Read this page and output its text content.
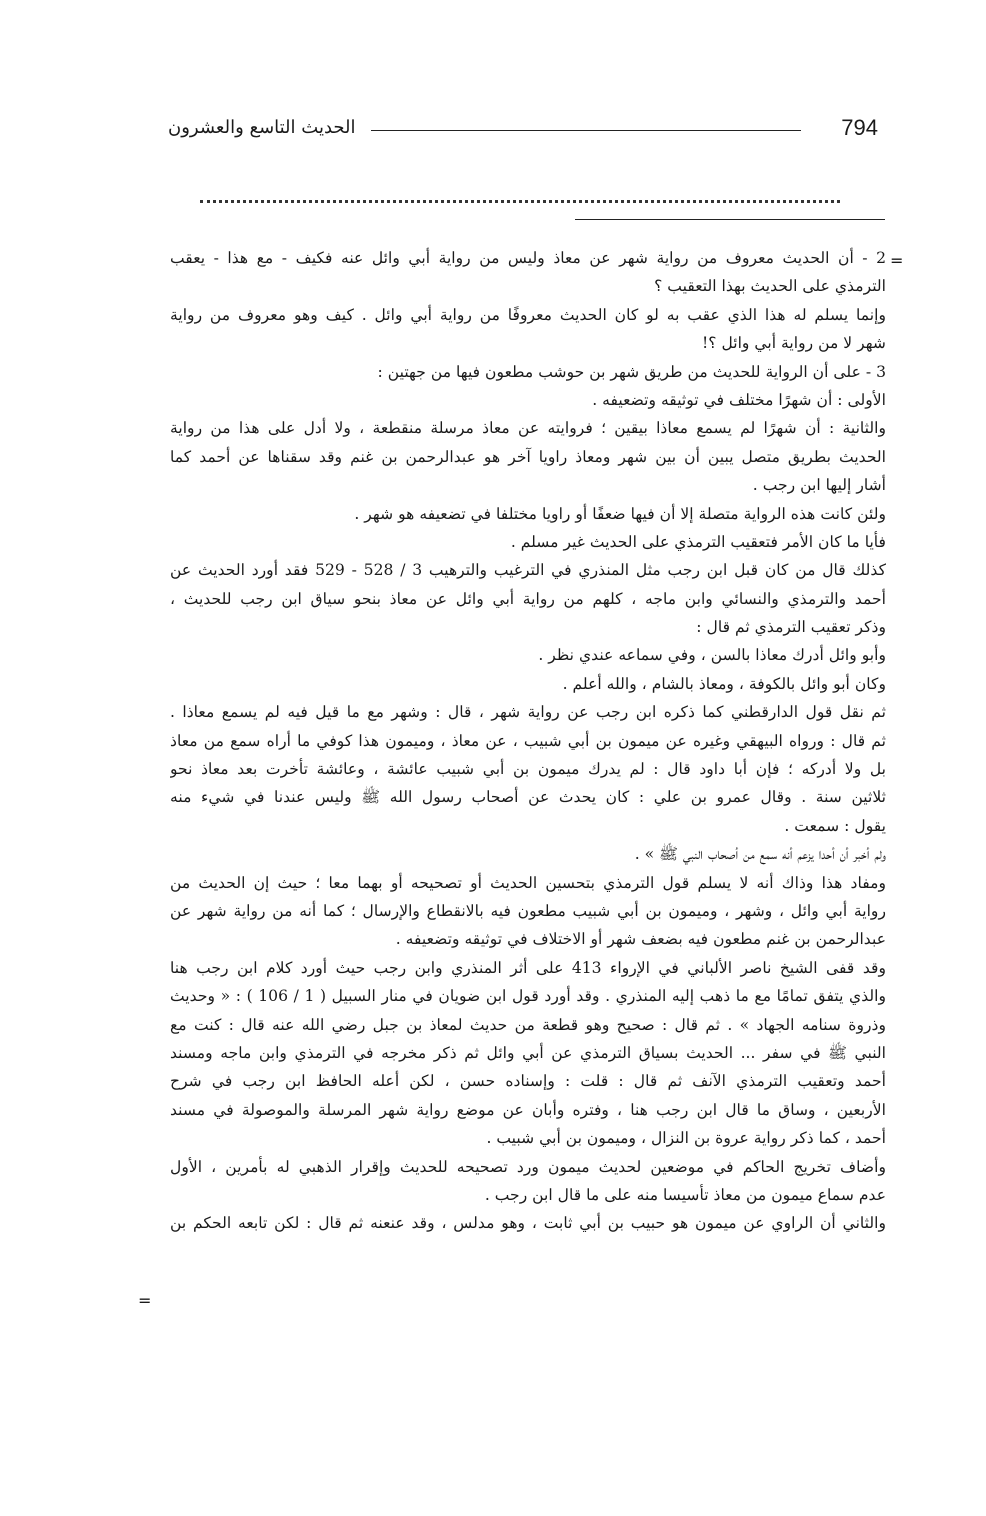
794
الحديث التاسع والعشرون
=
=
2 - أن الحديث معروف من رواية شهر عن معاذ وليس من رواية أبي وائل عنه فكيف - مع هذا - يعقب
الترمذي على الحديث بهذا التعقيب ؟
وإنما يسلم له هذا الذي عقب به لو كان الحديث معروفًا من رواية أبي وائل . كيف وهو معروف من رواية
شهر لا من رواية أبي وائل ؟!
3 - على أن الرواية للحديث من طريق شهر بن حوشب مطعون فيها من جهتين :
الأولى : أن شهرًا مختلف في توثيقه وتضعيفه .
والثانية : أن شهرًا لم يسمع معاذا بيقين ؛ فروايته عن معاذ مرسلة منقطعة ، ولا أدل على هذا من رواية
الحديث بطريق متصل يبين أن بين شهر ومعاذ راويا آخر هو عبدالرحمن بن غنم وقد سقناها عن أحمد كما
أشار إليها ابن رجب .
ولئن كانت هذه الرواية متصلة إلا أن فيها ضعفًا أو راويا مختلفا في تضعيفه هو شهر .
فأيا ما كان الأمر فتعقيب الترمذي على الحديث غير مسلم .
كذلك قال من كان قبل ابن رجب مثل المنذري في الترغيب والترهيب 3 / 528 - 529 فقد أورد الحديث عن
أحمد والترمذي والنسائي وابن ماجه ، كلهم من رواية أبي وائل عن معاذ بنحو سياق ابن رجب للحديث ،
وذكر تعقيب الترمذي ثم قال :
وأبو وائل أدرك معاذا بالسن ، وفي سماعه عندي نظر .
وكان أبو وائل بالكوفة ، ومعاذ بالشام ، والله أعلم .
ثم نقل قول الدارقطني كما ذكره ابن رجب عن رواية شهر ، قال : وشهر مع ما قيل فيه لم يسمع معاذا .
ثم قال : ورواه البيهقي وغيره عن ميمون بن أبي شبيب ، عن معاذ ، وميمون هذا كوفي ما أراه سمع من معاذ
بل ولا أدركه ؛ فإن أبا داود قال : لم يدرك ميمون بن أبي شبيب عائشة ، وعائشة تأخرت بعد معاذ نحو
ثلاثين سنة . وقال عمرو بن علي : كان يحدث عن أصحاب رسول الله ﷺ وليس عندنا في شيء منه
يقول : سمعت .
ولم أخبر أن أحدا يزعم أنه سمع من أصحاب النبي ﷺ » .
ومفاد هذا وذاك أنه لا يسلم قول الترمذي بتحسين الحديث أو تصحيحه أو بهما معا ؛ حيث إن الحديث من
رواية أبي وائل ، وشهر ، وميمون بن أبي شبيب مطعون فيه بالانقطاع والإرسال ؛ كما أنه من رواية شهر عن
عبدالرحمن بن غنم مطعون فيه بضعف شهر أو الاختلاف في توثيقه وتضعيفه .
وقد قفى الشيخ ناصر الألباني في الإرواء 413 على أثر المنذري وابن رجب حيث أورد كلام ابن رجب هنا
والذي يتفق تمامًا مع ما ذهب إليه المنذري . وقد أورد قول ابن ضويان في منار السبيل ( 1 / 106 ) : « وحديث
وذروة سنامه الجهاد » . ثم قال : صحيح وهو قطعة من حديث لمعاذ بن جبل رضي الله عنه قال : كنت مع
النبي ﷺ في سفر ... الحديث بسياق الترمذي عن أبي وائل ثم ذكر مخرجه في الترمذي وابن ماجه ومسند
أحمد وتعقيب الترمذي الآنف ثم قال : قلت : وإسناده حسن ، لكن أعله الحافظ ابن رجب في شرح
الأربعين ، وساق ما قال ابن رجب هنا ، وفتره وأبان عن موضع رواية شهر المرسلة والموصولة في مسند
أحمد ، كما ذكر رواية عروة بن النزال ، وميمون بن أبي شبيب .
وأضاف تخريج الحاكم في موضعين لحديث ميمون ورد تصحيحه للحديث وإقرار الذهبي له بأمرين ، الأول
عدم سماع ميمون من معاذ تأسيسا منه على ما قال ابن رجب .
والثاني أن الراوي عن ميمون هو حبيب بن أبي ثابت ، وهو مدلس ، وقد عنعنه ثم قال : لكن تابعه الحكم بن
